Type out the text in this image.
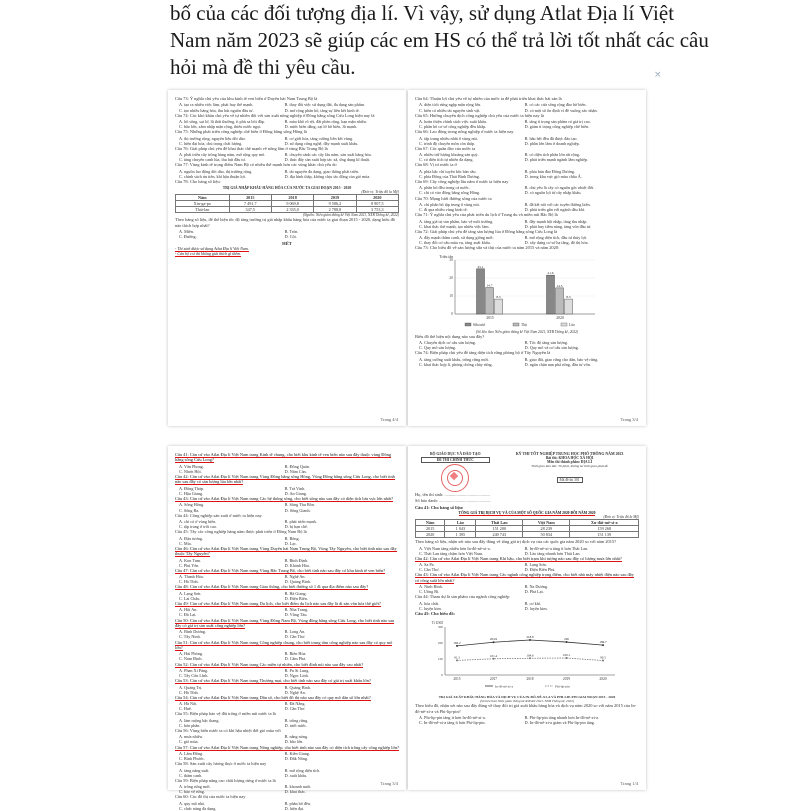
bố của các đối tượng địa lí. Vì vậy, sử dụng Atlat Địa lí Việt

Nam năm 2023 sẽ giúp các em HS có thể trả lời tốt nhất các câu

hỏi mà đề thi yêu cầu.	×
Câu 73: Ý nghĩa chủ yếu của khu kinh tế ven biển ở Duyên hải Nam Trung Bộ là
A. tạo ra nhiều việc làm, phát huy thế mạnh.	B. thay đổi việc sử dụng đất, đa dạng sản phẩm.
C. tạo nhiều hàng hóa, thu hút nguồn đầu tư.	D. mở rộng phân bố, tăng sự liên kết kinh tế.
Câu 74: Các khó khăn chủ yếu về tự nhiên đối với sản xuất nông nghiệp ở Đồng bằng sông Cửu Long hiện nay là
A. hồ sông, sạt lở, lũ thất thường, ít phù sa bồi đắp.	B. mùa khô rõ rệt, đất phèn rộng, hạn mặn nhiều.
C. bão lớn, xâm nhập mặn rộng, thiếu nước ngọt.	D. nước biển dâng, sạt lở bờ biển, lũ mạnh.
Câu 75: Những phát triển công nghiệp chế biến ở Đồng bằng sông Hồng là
A. thị trường rộng, nguyên liệu dồi dào.	B. cơ giới hóa, tăng cường liên kết vùng.
C. hiện đại hóa, chú trọng chất lượng.	D. sử dụng công nghệ, đầy mạnh xuất khẩu.
Câu 76: Giải pháp chủ yếu để khai thác thế mạnh về nông lâm ở vùng Bắc Trung Bộ là
A. phát triển cây trồng hàng năm, mở rộng quy mô.	B. chuyển cánh các cây lâu năm, sản xuất hàng hóa.
C. tăng chuyên canh lúa, thu hút đầu tư.	D. thúc đẩy sản xuất hợp tác xã, ứng dụng kĩ thuật.
Câu 77: Vùng kinh tế trọng điểm Nam Bộ có nhiều thế mạnh hơn các vùng khác chủ yếu do
A. nguồn lao động dồi dào, thị trường rộng.	B. tài nguyên đa dạng, giao thông phát triển.
C. chính sách ưu tiên, khí hậu thuận lợi.	D. địa hình thấp, không chịu tác động của gió mùa.
Câu 78: Cho bảng số liệu:
TRỊ GIÁ NHẬP KHẨU HÀNG HÓA CỦA NƯỚC TA GIAI ĐOẠN 2015 - 2020
(Đơn vị: Triệu đô la Mỹ)
Năm	2015	2018	2019	2020
Xin-ga-po	7 491,7	9 069,8	9 586,2	8 907,5
Thái-lan	347,5	2 335,0	2 788,8	3 753,3
(Nguồn: Niên giám thống kê Việt Nam 2021, NXB Thống kê, 2022)
Theo bảng số liệu, để thể hiện tốc độ tăng trưởng trị giá nhập khẩu hàng hóa của nước ta giai đoạn 2015 - 2020, dạng biểu đồ nào thích hợp nhất?
A. Miền.	B. Tròn.
C. Đường.	D. Cột.
HẾT
- Thí sinh được sử dụng Atlat Địa lí Việt Nam.
- Cán bộ coi thi không giải thích gì thêm.
Trang 4/4
Câu 64: Thuận lợi chủ yếu về tự nhiên của nước ta để phát triển khai thác hải sản là
A. diện tích rừng ngập mặn rộng lớn.	B. có các cửa sông rộng đào bờ biển.
C. biển có nhiều tài nguyên sinh vật.	D. có một số ổn định vì đề vuông xác nhận.
Câu 65: Hướng chuyển dịch công nghiệp chủ yếu của nước ta hiện nay là
A. hoàn thiện chính sách việc xuất khẩu.	B. tăng tỉ trọng sản phẩm có giá trị cao.
C. phân bố cơ sở công nghiệp đều khắp.	D. giảm tỉ trọng công nghiệp chế biến.
Câu 66: Lao động trong nông nghiệp ở nước ta hiện nay
A. tập trung nhiều nhất ở vùng núi.	B. hầu hết đều đã được đào tạo.
C. trình độ chuyên môn còn thấp.	D. phần lớn làm ở doanh nghiệp.
Câu 67: Các quần đảo của nước ta
A. nhiều trữ lượng khoáng sản quý.	B. có diện tích phần lớn rất rộng.
C. có diện tích tự nhiên đa dạng.	D. phát triển mạnh ngành lâm nghiệp.
Câu 68: Vị trí nước ta ở
A. phía bắc chí tuyến bắc bán cầu.	B. phía bán đảo Đông Dương.
C. phía Đông của Thái Bình Dương.	D. trong khu vực gió mùa châu Á.
Câu 69: Cây công nghiệp lâu năm ở nước ta hiện nay
A. phân bố đều trong cả nước.	B. chủ yếu là cây có nguồn gốc nhiệt đới.
C. chỉ có vào đồng bằng sông Hồng.	D. có nguồn lợi từ cây nhập khẩu.
Câu 70: Mạng lưới đường sông của nước ta
A. chỉ phân bố tập trung ở vùng núi.	B. đã kết nối với các tuyến đường biển.
C. đi qua nhiều vùng kinh tế.	D. phát triển gắn với ngành dầu khí.
Câu 71: Ý nghĩa chủ yếu của phát triển du lịch ở Trung du và miền núi Bắc Bộ là
A. tăng giá trị sản phẩm, bảo vệ môi trường.	B. đẩy mạnh hội nhập, tăng thu nhập.
C. khai thác thế mạnh, tạo nhiều việc làm.	D. phát huy tiềm năng, tăng vốn đầu tư.
Câu 72: Giải pháp chủ yếu để tăng sản lượng lúa ở Đồng bằng sông Cửu Long là
A. đẩy mạnh thâm canh, sử dụng giống mới.	B. mở rộng diện tích, đầu tư thủy lợi.
C. thay đổi cơ cấu mùa vụ, tăng xuất khẩu.	D. xây dựng cơ sở hạ tầng, đô thị hóa.
Câu 73: Cho biểu đồ về sản lượng sữa và thịt của nước ta năm 2015 và năm 2020:
Triệu tấn
0
10
20
30
25.1
14.7
8.3
2015
21.6
14.5
8.3
2020
Sữa tươi	Thịt	Lúa
(Số liệu theo Niên giám thống kê Việt Nam 2021, NXB Thống kê, 2022)
Biểu đồ thể hiện nội dung nào sau đây?
A. Chuyển dịch cơ cấu sản lượng.	B. Tốc độ tăng sản lượng.
C. Quy mô sản lượng.	D. Quy mô và cơ cấu sản lượng.
Câu 74: Biện pháp chủ yếu để tăng diện tích rừng phòng hộ ở Tây Nguyên là
A. tăng cường xuất khẩu, trồng rừng mới.	B. giao đất, giao rừng cho dân, bảo vệ rừng.
C. khai thác hợp lí, phòng chống cháy rừng.	D. ngăn chặn nạn phá rừng, đầu tư vốn.
Trang 3/4
Câu 41: Căn cứ vào Atlat Địa lí Việt Nam trang Kinh tế chung, cho biết khu kinh tế ven biển nào sau đây thuộc vùng Đồng bằng sông Cửu Long?
A. Vân Phong.	B. Đông Quản.
C. Nhơn Hội.	D. Năm Căn.
Câu 42: Căn cứ vào Atlat Địa lí Việt Nam trang Vùng Đồng bằng sông Hồng, Vùng Đồng bằng sông Cửu Long, cho biết tỉnh nào sau đây có sản lượng lúa lớn nhất?
A. Đồng Tháp.	B. Trà Vinh.
C. Hậu Giang.	D. An Giang.
Câu 43: Căn cứ vào Atlat Địa lí Việt Nam trang Các hệ thống sông, cho biết sông nào sau đây có diện tích lưu vực lớn nhất?
A. Sông Hồng.	B. Sông Thu Bồn.
C. Sông Ba.	D. Sông Gianh.
Câu 44: Công nghiệp sản xuất ở nước ta hiện nay
A. chỉ có ở vùng biển.	B. phát triển mạnh.
C. tập trung ở trời cao.	D. bị hạn chế.
Câu 45: Tây các công nghiệp hàng năm được phát triển ở Đồng Nam Bộ là
A. Đậu tương.	B. Bông.
C. Mía.	D. Lạc.
Câu 46: Căn cứ vào Atlat Địa lí Việt Nam trang Vùng Duyên hải Nam Trung Bộ, Vùng Tây Nguyên, cho biết tỉnh nào sau đây thuộc Tây Nguyên?
A. Kon Tum.	B. Bình Định.
C. Phú Yên.	D. Khánh Hòa.
Câu 47: Căn cứ vào Atlat Địa lí Việt Nam trang Vùng Bắc Trung Bộ, cho biết tỉnh nào sau đây có khu kinh tế ven biển?
A. Thanh Hóa.	B. Nghệ An.
C. Hà Tĩnh.	D. Quảng Bình.
Câu 48: Căn cứ vào Atlat Địa lí Việt Nam trang Giao thông, cho biết đường số 1 đi qua địa điểm nào sau đây?
A. Lạng Sơn.	B. Hà Giang.
C. Lai Châu.	D. Điện Biên.
Câu 49: Căn cứ vào Atlat Địa lí Việt Nam trang Du lịch, cho biết điểm du lịch nào sau đây là di sản văn hóa thế giới?
A. Hội An.	B. Nha Trang.
C. Đà Lạt.	D. Vũng Tàu.
Câu 50: Căn cứ vào Atlat Địa lí Việt Nam trang Vùng Đông Nam Bộ, Vùng đồng bằng sông Cửu Long, cho biết tỉnh nào sau đây có giá trị sản xuất công nghiệp lớn?
A. Bình Dương.	B. Long An.
C. Tây Ninh.	D. Cần Thơ.
Câu 51: Căn cứ vào Atlat Địa lí Việt Nam trang Công nghiệp chung, cho biết trung tâm công nghiệp nào sau đây có quy mô lớn?
A. Hải Phòng.	B. Biên Hòa.
C. Nam Định.	D. Cẩm Phả.
Câu 52: Căn cứ vào Atlat Địa lí Việt Nam trang Các miền tự nhiên, cho biết đỉnh núi nào sau đây cao nhất?
A. Phan Xi Păng.	B. Pu Si Lung.
C. Tây Côn Lĩnh.	D. Ngọc Linh.
Câu 53: Căn cứ vào Atlat Địa lí Việt Nam trang Thương mại, cho biết tỉnh nào sau đây có giá trị xuất khẩu lớn?
A. Quảng Trị.	B. Quảng Bình.
C. Hà Tĩnh.	D. Nghệ An.
Câu 54: Căn cứ vào Atlat Địa lí Việt Nam trang Dân số, cho biết đô thị nào sau đây có quy mô dân số lớn nhất?
A. Hà Nội.	B. Đà Nẵng.
C. Huế.	D. Cần Thơ.
Câu 55: Biện pháp bảo vệ đất trống ở miền núi nước ta là
A. làm ruộng bậc thang.	B. trồng rừng.
C. bón phân.	D. tưới nước.
Câu 56: Vùng biển nước ta có khí hậu nhiệt đới gió mùa với
A. mưa nhiều.	B. nắng nóng.
C. gió mùa.	D. bão lớn.
Câu 57: Căn cứ vào Atlat Địa lí Việt Nam trang Nông nghiệp, cho biết tỉnh nào sau đây có diện tích trồng cây công nghiệp lớn?
A. Lâm Đồng.	B. Kiên Giang.
C. Bình Phước.	D. Đắk Nông.
Câu 58: Sản xuất cây lương thực ở nước ta hiện nay
A. tăng năng suất.	B. mở rộng diện tích.
C. thâm canh.	D. xuất khẩu.
Câu 59: Biện pháp nâng cao chất lượng rừng ở nước ta là
A. trồng rừng mới.	B. khoanh nuôi.
C. bảo vệ rừng.	D. khai thác.
Câu 60: Các đô thị của nước ta hiện nay
A. quy mô nhỏ.	B. phân bố đều.
C. chức năng đa dạng.	D. hiện đại.
Trang 3/4
BỘ GIÁO DỤC VÀ ĐÀO TẠO
ĐỀ THI CHÍNH THỨC
KỲ THI TỐT NGHIỆP TRUNG HỌC PHỔ THÔNG NĂM 2023
Bài thi: KHOA HỌC XÃ HỘI
Môn thi thành phần: ĐỊA LÍ
Thời gian làm bài: 50 phút, không kể thời gian phát đề
Mã đề thi 301
Họ, tên thí sinh: ..........................................
Số báo danh: ...............................................
Câu 41: Cho bảng số liệu:
TỔNG GIÁ TRỊ DỊCH VỤ VÀ CỦA MỘT SỐ QUỐC GIA NĂM 2020 ĐỒI NĂM 2020
(Đơn vị: Triệu đô la Mỹ)
Năm	Lào	Thái Lan	Việt Nam	Xu-đăi-mê-si-a
2015	1 043	151 200	28 239	159 268
2020	1 395	240 743	50 834	151 139
Theo bảng số liệu, nhận xét nào sau đây đúng về tổng giá trị dịch vụ của các quốc gia năm 2020 so với năm 2015?
A. Việt Nam tăng nhiều hơn In-đô-nê-xi-a.	B. In-đô-nê-xi-a tăng ít hơn Thái Lan.
C. Thái Lan tăng chậm hơn Việt Nam.	D. Lào tăng nhanh hơn Thái Lan.
Câu 42: Căn cứ vào Atlat Địa lí Việt Nam trang Khí hậu, cho biết trạm khí tượng nào sau đây có lượng mưa lớn nhất?
A. Sa Pa.	B. Lạng Sơn.
C. Cần Thơ.	D. Điện Biên Phủ.
Câu 43: Căn cứ vào Atlat Địa lí Việt Nam trang Các ngành công nghiệp trọng điểm, cho biết nhà máy nhiệt điện nào sau đây có công suất lớn nhất?
A. Ninh Bình.	B. Na Dương.
C. Uông Bí.	D. Phả Lại.
Câu 44: Tham dự là sản phẩm của ngành công nghiệp
A. hóa chất.	B. cơ khí.
C. luyện kim.	D. luyện kim.
Câu 45: Cho biểu đồ:
Tỉ USD
0
100
200
300
2015	2017	2018	2019	2020
182.2
204.9
218.9
206
186.7
In-đô-nê-xi-a
91.3	101.4	104.6	106.1
90.5
Phi-lip-pin
TRỊ GIÁ XUẤT KHẨU HÀNG HÓA VÀ DỊCH VỤ CỦA IN-ĐÔ-NÊ-XI-A VÀ PHI-LIP-PIN GIAI ĐOẠN 2015 - 2020
(Số liệu theo Niên giám thống kê ASEAN 2021, NXB Thống kê, 2022)
Theo biểu đồ, nhận xét nào sau đây đúng về thay đổi trị giá xuất khẩu hàng hóa và dịch vụ năm 2020 so với năm 2015 của In-đô-nê-xi-a và Phi-lip-pin?
A. Phi-lip-pin tăng ít hơn In-đô-nê-xi-a.	B. Phi-lip-pin tăng nhanh hơn In-đô-nê-xi-a.
C. In-đô-nê-xi-a tăng ít hơn Phi-lip-pin.	D. In-đô-nê-xi-a giảm và Phi-lip-pin tăng.
Trang 1/4
